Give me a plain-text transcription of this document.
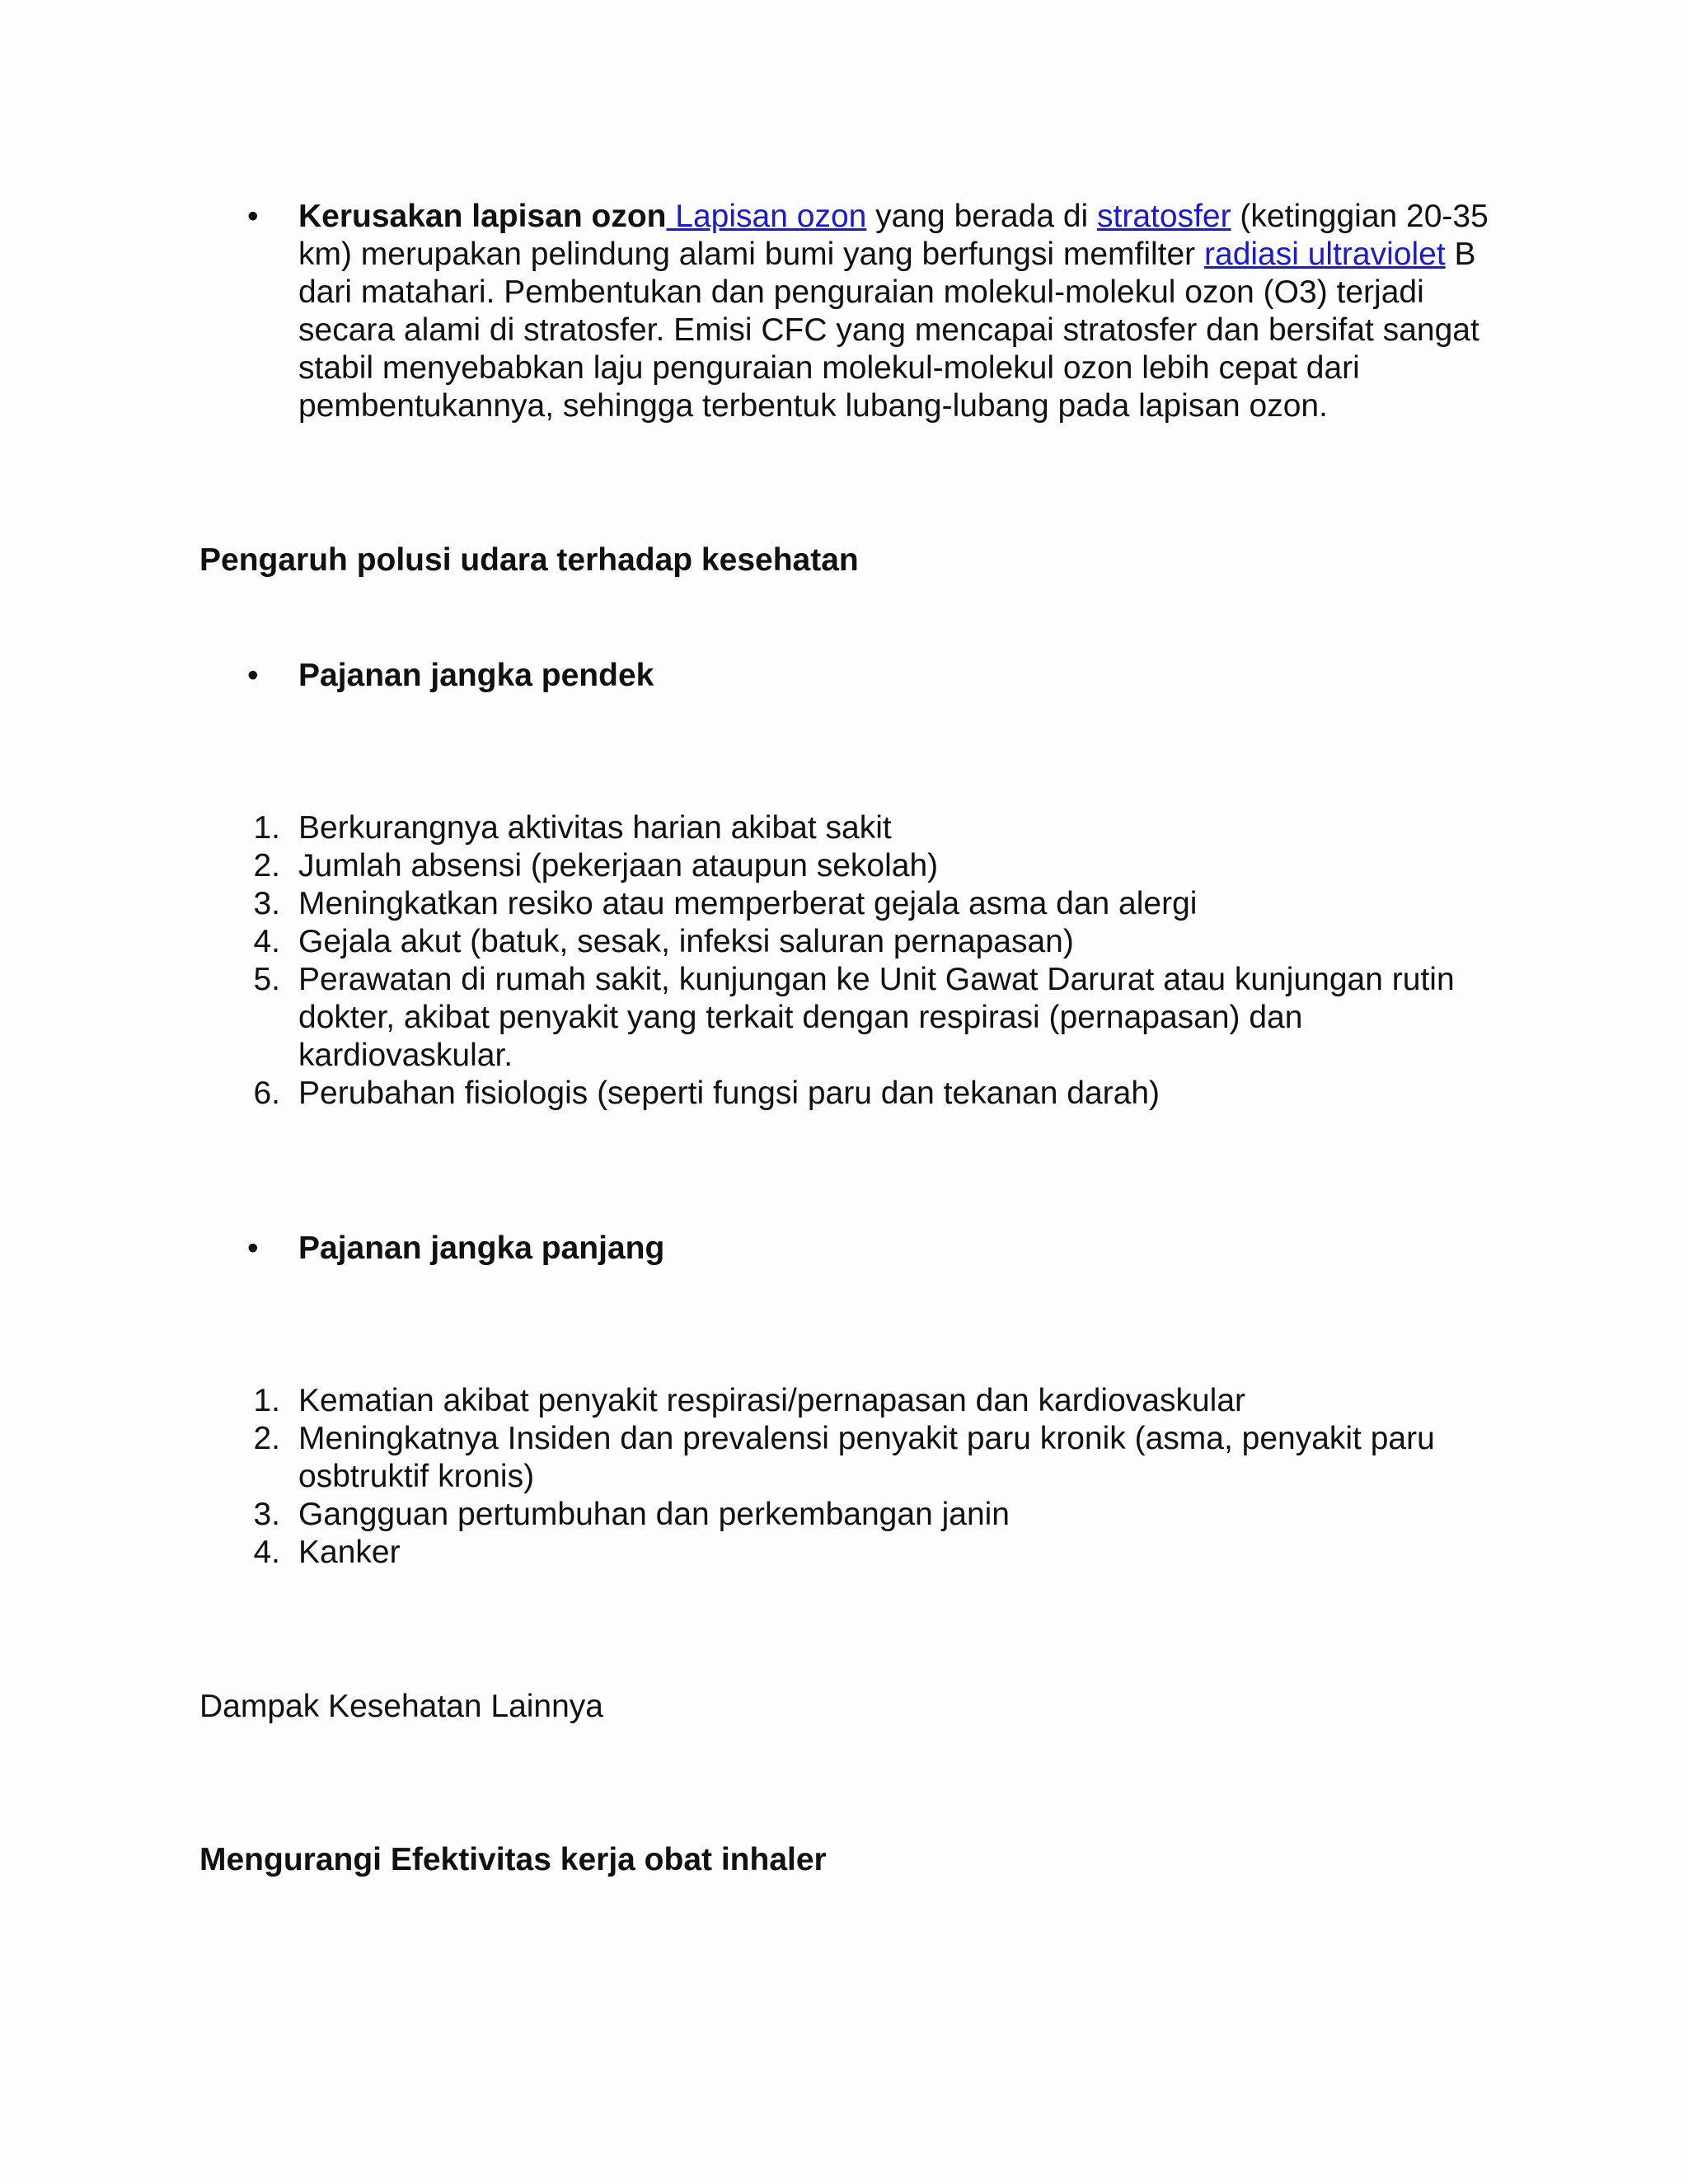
•	Kerusakan lapisan ozon Lapisan ozon yang berada di stratosfer (ketinggian 20-35 km) merupakan pelindung alami bumi yang berfungsi memfilter radiasi ultraviolet B dari matahari. Pembentukan dan penguraian molekul-molekul ozon (O3) terjadi secara alami di stratosfer. Emisi CFC yang mencapai stratosfer dan bersifat sangat stabil menyebabkan laju penguraian molekul-molekul ozon lebih cepat dari pembentukannya, sehingga terbentuk lubang-lubang pada lapisan ozon.
Pengaruh polusi udara terhadap kesehatan
•	Pajanan jangka pendek
1. Berkurangnya aktivitas harian akibat sakit
2. Jumlah absensi (pekerjaan ataupun sekolah)
3. Meningkatkan resiko atau memperberat gejala asma dan alergi
4. Gejala akut (batuk, sesak, infeksi saluran pernapasan)
5. Perawatan di rumah sakit, kunjungan ke Unit Gawat Darurat atau kunjungan rutin dokter, akibat penyakit yang terkait dengan respirasi (pernapasan) dan kardiovaskular.
6. Perubahan fisiologis (seperti fungsi paru dan tekanan darah)
•	Pajanan jangka panjang
1. Kematian akibat penyakit respirasi/pernapasan dan kardiovaskular
2. Meningkatnya Insiden dan prevalensi penyakit paru kronik (asma, penyakit paru osbtruktif kronis)
3. Gangguan pertumbuhan dan perkembangan janin
4. Kanker
Dampak Kesehatan Lainnya
Mengurangi Efektivitas kerja obat inhaler
